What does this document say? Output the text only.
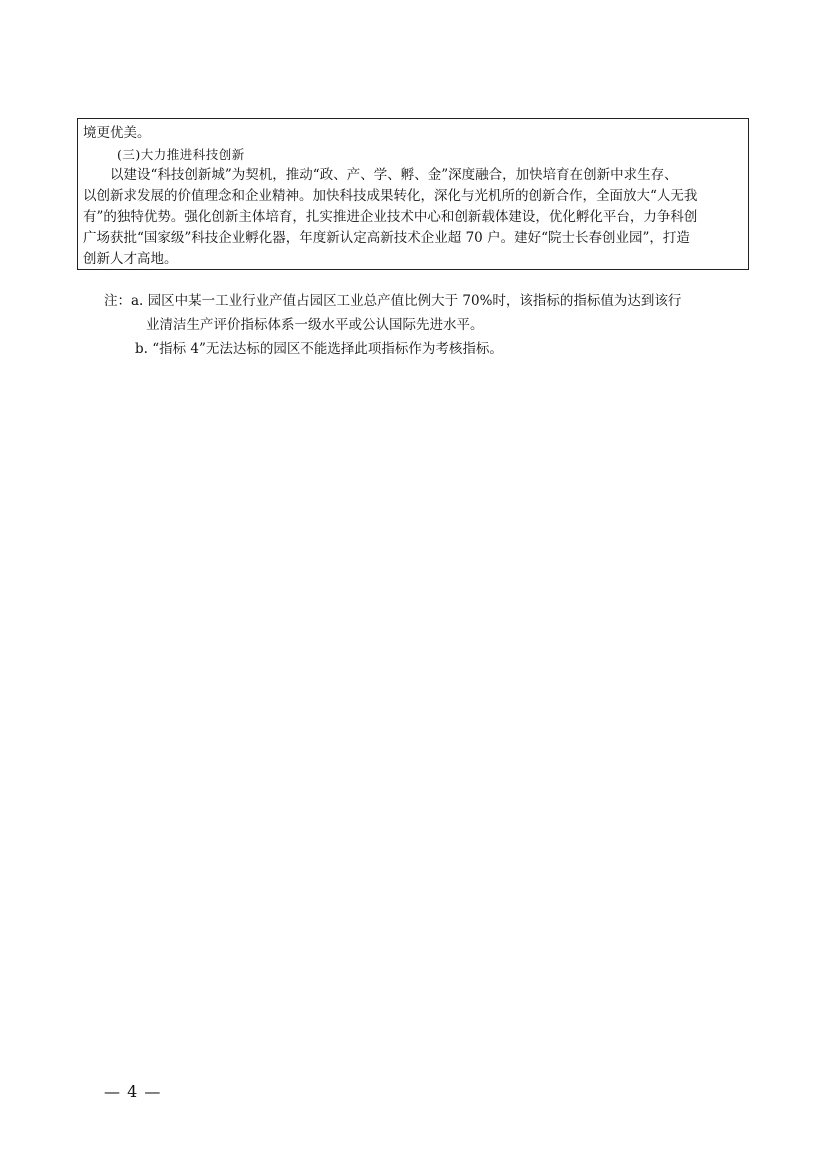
境更优美。
(三)大力推进科技创新
以建设“科技创新城”为契机，推动“政、产、学、孵、金”深度融合，加快培育在创新中求生存、
以创新求发展的价值理念和企业精神。加快科技成果转化，深化与光机所的创新合作，全面放大“人无我
有”的独特优势。强化创新主体培育，扎实推进企业技术中心和创新载体建设，优化孵化平台，力争科创
广场获批“国家级”科技企业孵化器，年度新认定高新技术企业超 70 户。建好“院士长春创业园”，打造
创新人才高地。
注：a. 园区中某一工业行业产值占园区工业总产值比例大于 70%时，该指标的指标值为达到该行
业清洁生产评价指标体系一级水平或公认国际先进水平。
b. “指标 4”无法达标的园区不能选择此项指标作为考核指标。
— 4 —
